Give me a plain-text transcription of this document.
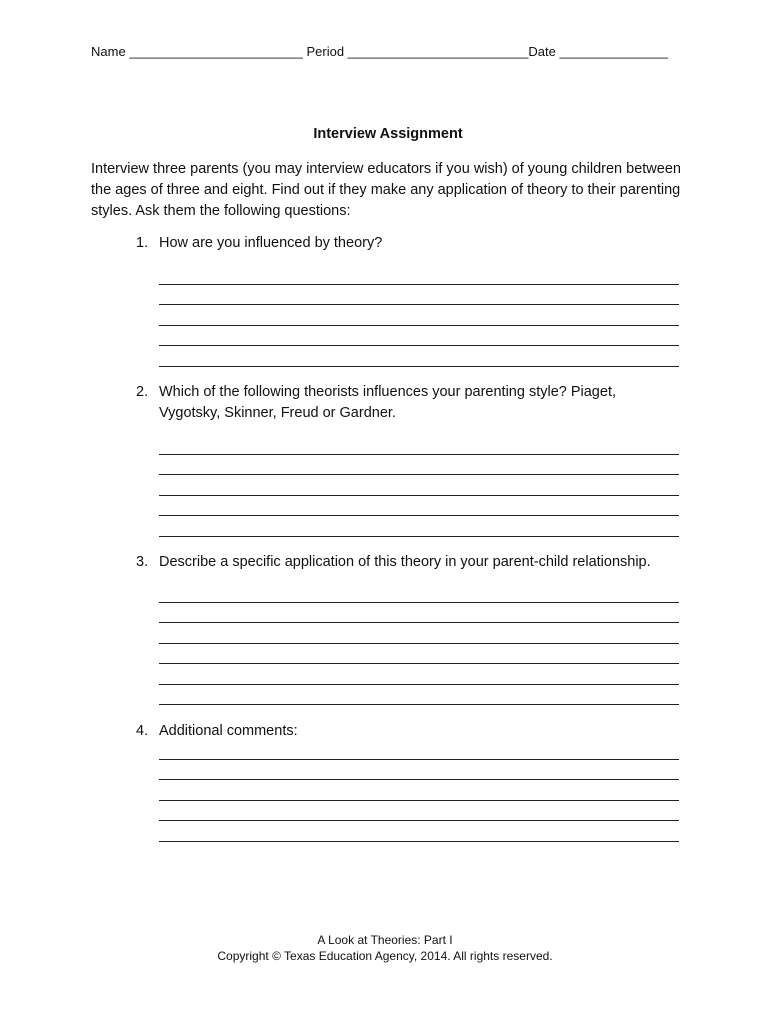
Name ________________________ Period _________________________Date _______________
Interview Assignment
Interview three parents (you may interview educators if you wish) of young children between the ages of three and eight. Find out if they make any application of theory to their parenting styles. Ask them the following questions:
1. How are you influenced by theory?
2. Which of the following theorists influences your parenting style? Piaget, Vygotsky, Skinner, Freud or Gardner.
3. Describe a specific application of this theory in your parent-child relationship.
4. Additional comments:
A Look at Theories: Part I
Copyright © Texas Education Agency, 2014. All rights reserved.
